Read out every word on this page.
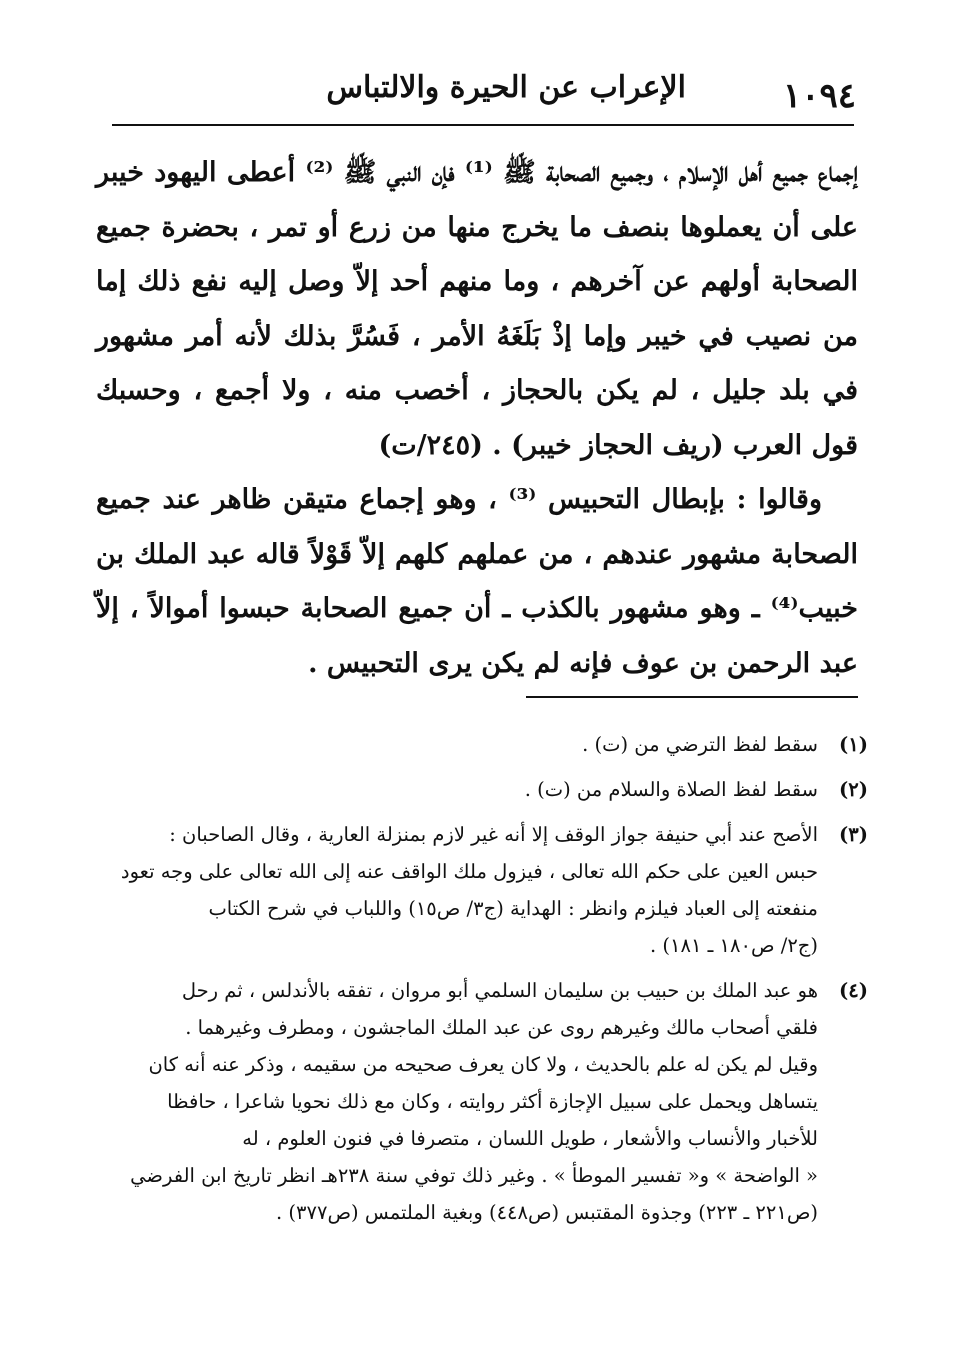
١٠٩٤
الإعراب عن الحيرة والالتباس

إجماع جميع أهل الإسلام ، وجميع الصحابة ﷺ ⁽¹⁾ فإن النبي ﷺ ⁽²⁾ أعطى اليهود خيبر على أن يعملوها بنصف ما يخرج منها من زرع أو تمر ، بحضرة جميع الصحابة أولهم عن آخرهم ، وما منهم أحد إلاّ وصل إليه نفع ذلك إما من نصيب في خيبر وإما إذْ بَلَغَهُ الأمر ، فَسُرَّ بذلك لأنه أمر مشهور في بلد جليل ، لم يكن بالحجاز ، أخصب منه ، ولا أجمع ، وحسبك قول العرب (ريف الحجاز خيبر) . (٢٤٥/ت)

وقالوا : بإبطال التحبيس ⁽³⁾ ، وهو إجماع متيقن ظاهر عند جميع الصحابة مشهور عندهم ، من عملهم كلهم إلاّ قَوْلاً قاله عبد الملك بن خبيب⁽⁴⁾ ـ وهو مشهور بالكذب ـ أن جميع الصحابة حبسوا أموالاً ، إلاّ عبد الرحمن بن عوف فإنه لم يكن يرى التحبيس .

(١)
سقط لفظ الترضي من (ت) .
(٢)
سقط لفظ الصلاة والسلام من (ت) .
(٣)
الأصح عند أبي حنيفة جواز الوقف إلا أنه غير لازم بمنزلة العارية ، وقال الصاحبان :
حبس العين على حكم الله تعالى ، فيزول ملك الواقف عنه إلى الله تعالى على وجه تعود
منفعته إلى العباد فيلزم وانظر : الهداية (ج٣/ ص١٥) واللباب في شرح الكتاب
(ج٢/ ص١٨٠ ـ ١٨١) .
(٤)
هو عبد الملك بن حبيب بن سليمان السلمي أبو مروان ، تفقه بالأندلس ، ثم رحل
فلقي أصحاب مالك وغيرهم روى عن عبد الملك الماجشون ، ومطرف وغيرهما .
وقيل لم يكن له علم بالحديث ، ولا كان يعرف صحيحه من سقيمه ، وذكر عنه أنه كان
يتساهل ويحمل على سبيل الإجازة أكثر روايته ، وكان مع ذلك نحويا شاعرا ، حافظا
للأخبار والأنساب والأشعار ، طويل اللسان ، متصرفا في فنون العلوم ، له
« الواضحة » و« تفسير الموطأ » . وغير ذلك توفي سنة ٢٣٨هـ انظر تاريخ ابن الفرضي
(ص٢٢١ ـ ٢٢٣) وجذوة المقتبس (ص٤٤٨) وبغية الملتمس (ص٣٧٧) .
